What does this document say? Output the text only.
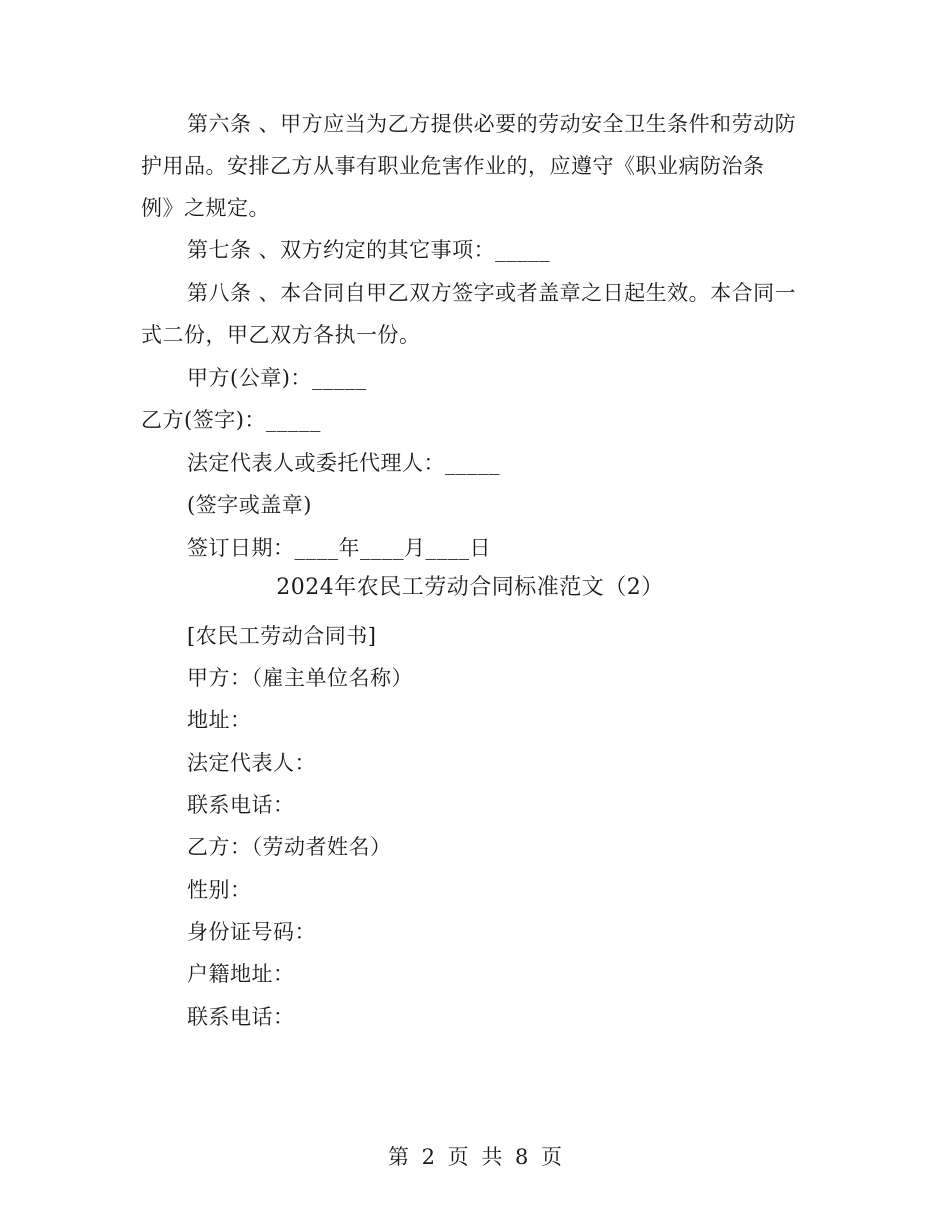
第六条 、甲方应当为乙方提供必要的劳动安全卫生条件和劳动防
护用品。安排乙方从事有职业危害作业的，应遵守《职业病防治条
例》之规定。
第七条 、双方约定的其它事项：_____
第八条 、本合同自甲乙双方签字或者盖章之日起生效。本合同一
式二份，甲乙双方各执一份。
甲方(公章)：_____
乙方(签字)：_____
法定代表人或委托代理人：_____
(签字或盖章)
签订日期：____年____月____日
2024年农民工劳动合同标准范文（2）
[农民工劳动合同书]
甲方：（雇主单位名称）
地址：
法定代表人：
联系电话：
乙方：（劳动者姓名）
性别：
身份证号码：
户籍地址：
联系电话：
第 2 页 共 8 页
